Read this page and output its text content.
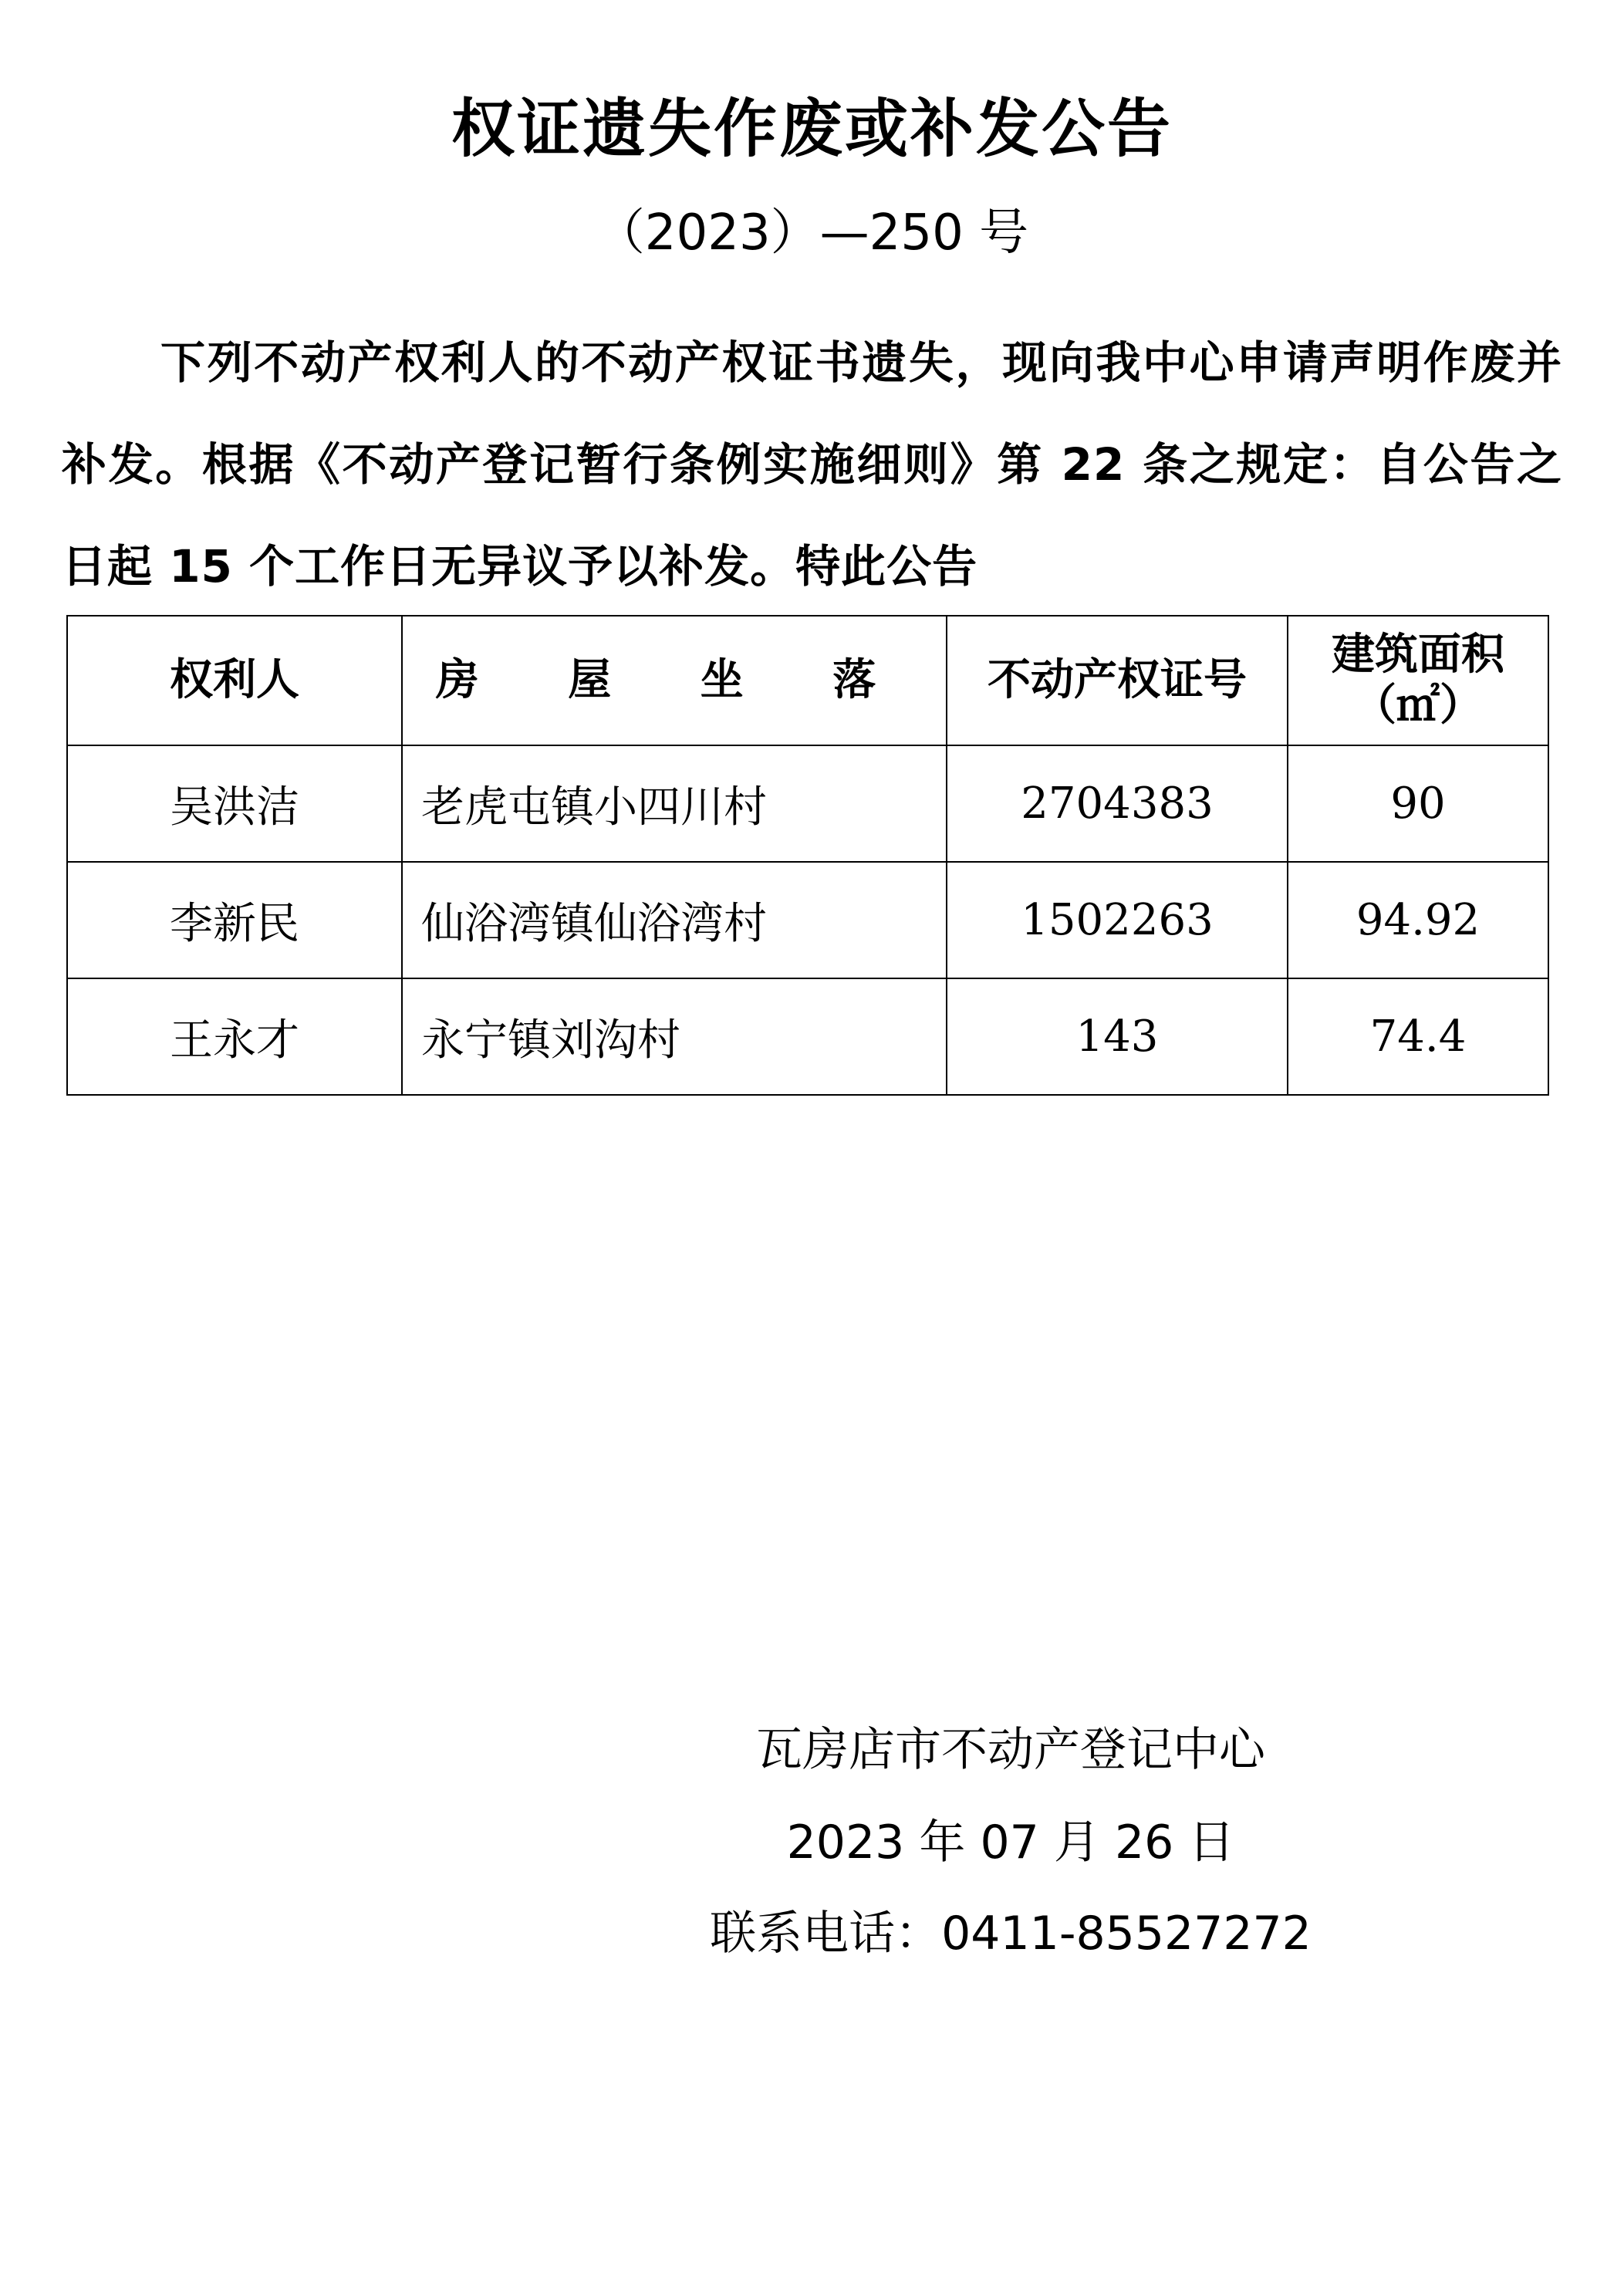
权证遗失作废或补发公告
（2023）—250 号
下列不动产权利人的不动产权证书遗失，现向我中心申请声明作废并补发。根据《不动产登记暂行条例实施细则》第 22 条之规定：自公告之日起 15 个工作日无异议予以补发。特此公告
权利人	房 屋 坐 落	不动产权证号	建筑面积
（㎡）

吴洪洁	老虎屯镇小四川村	2704383	90
李新民	仙浴湾镇仙浴湾村	1502263	94.92
王永才	永宁镇刘沟村	143	74.4
瓦房店市不动产登记中心
2023 年 07 月 26 日
联系电话：0411-85527272
